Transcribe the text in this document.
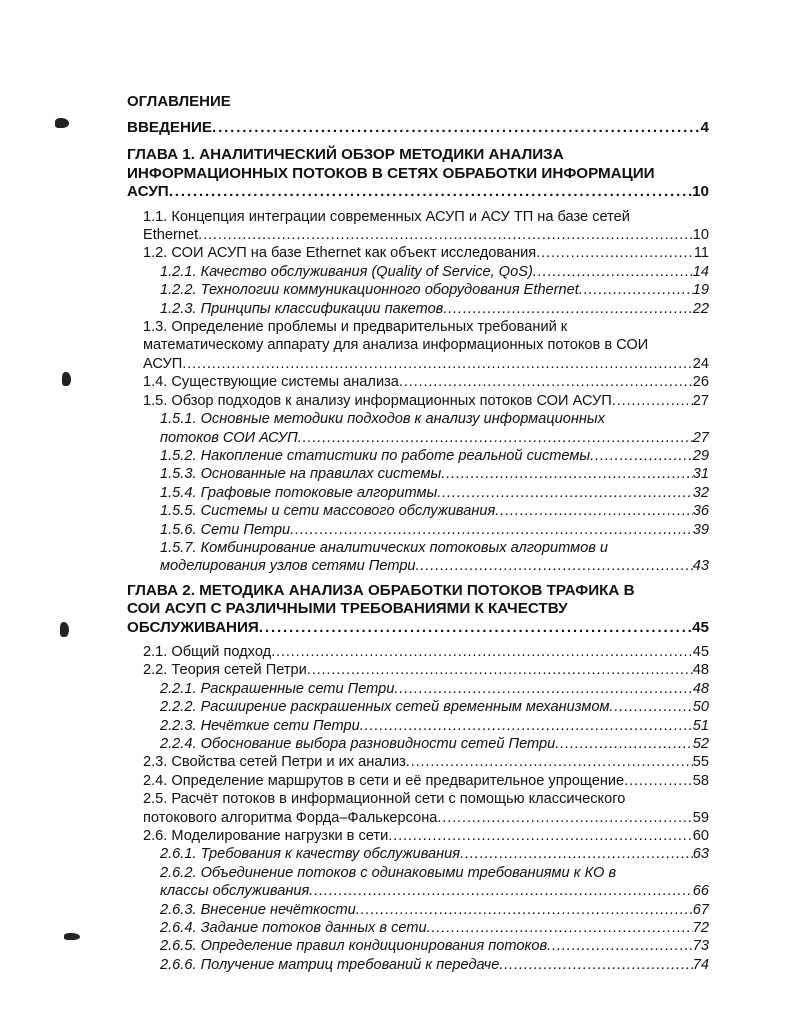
ОГЛАВЛЕНИЕ
ВВЕДЕНИЕ . . .	4
ГЛАВА 1. АНАЛИТИЧЕСКИЙ ОБЗОР МЕТОДИКИ АНАЛИЗА
ИНФОРМАЦИОННЫХ ПОТОКОВ В СЕТЯХ ОБРАБОТКИ ИНФОРМАЦИИ
АСУП . . .	10
1.1. Концепция интеграции современных АСУП и АСУ ТП на базе сетей
Ethernet . . .	10
1.2. СОИ АСУП на базе Ethernet как объект исследования . . .	11
1.2.1. Качество обслуживания (Quality of Service, QoS) . . .	14
1.2.2. Технологии коммуникационного оборудования Ethernet . . .	19
1.2.3. Принципы классификации пакетов . . .	22
1.3. Определение проблемы и предварительных требований к
математическому аппарату для анализа информационных потоков в СОИ
АСУП . . .	24
1.4. Существующие системы анализа . . .	26
1.5. Обзор подходов к анализу информационных потоков СОИ АСУП . . .	27
1.5.1. Основные методики подходов к анализу информационных
потоков СОИ АСУП . . .	27
1.5.2. Накопление статистики по работе реальной системы . . .	29
1.5.3. Основанные на правилах системы . . .	31
1.5.4. Графовые потоковые алгоритмы . . .	32
1.5.5. Системы и сети массового обслуживания . . .	36
1.5.6. Сети Петри . . .	39
1.5.7. Комбинирование аналитических потоковых алгоритмов и
моделирования узлов сетями Петри . . .	43
ГЛАВА 2. МЕТОДИКА АНАЛИЗА ОБРАБОТКИ ПОТОКОВ ТРАФИКА В
СОИ АСУП С РАЗЛИЧНЫМИ ТРЕБОВАНИЯМИ К КАЧЕСТВУ
ОБСЛУЖИВАНИЯ . . .	45
2.1. Общий подход . . .	45
2.2. Теория сетей Петри . . .	48
2.2.1. Раскрашенные сети Петри . . .	48
2.2.2. Расширение раскрашенных сетей временным механизмом . . .	50
2.2.3. Нечёткие сети Петри . . .	51
2.2.4. Обоснование выбора разновидности сетей Петри . . .	52
2.3. Свойства сетей Петри и их анализ . . .	55
2.4. Определение маршрутов в сети и её предварительное упрощение . . .	58
2.5. Расчёт потоков в информационной сети с помощью классического
потокового алгоритма Форда–Фалькерсона . . .	59
2.6. Моделирование нагрузки в сети . . .	60
2.6.1. Требования к качеству обслуживания . . .	63
2.6.2. Объединение потоков с одинаковыми требованиями к КО в
классы обслуживания . . .	66
2.6.3. Внесение нечёткости . . .	67
2.6.4. Задание потоков данных в сети . . .	72
2.6.5. Определение правил кондиционирования потоков . . .	73
2.6.6. Получение матриц требований к передаче . . .	74
